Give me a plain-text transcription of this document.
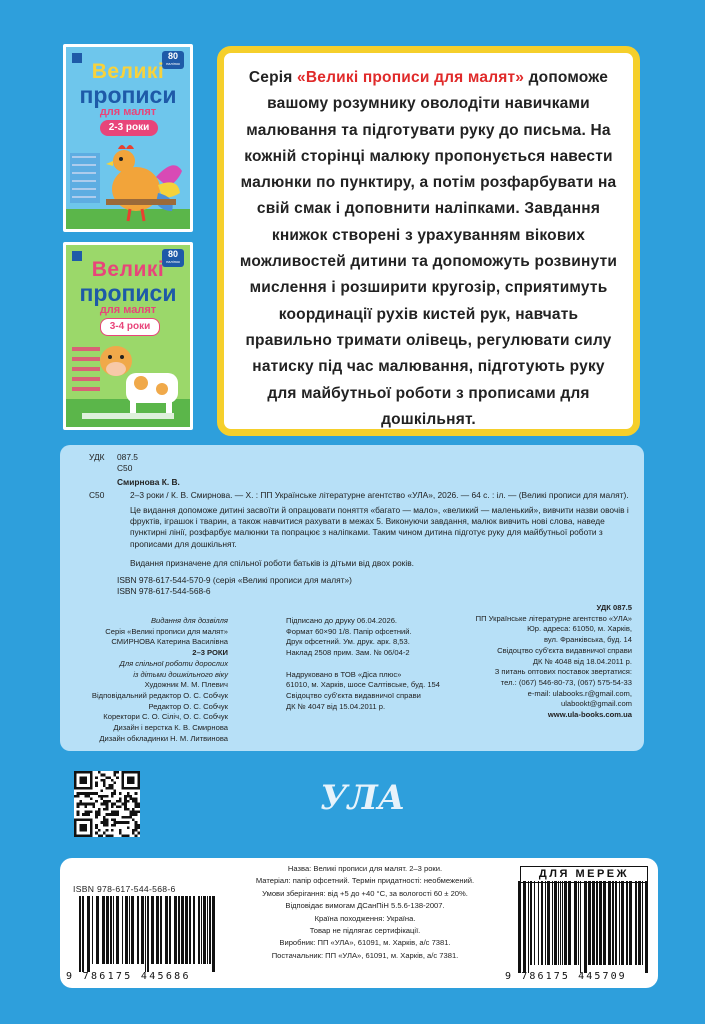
80
наліпок
Великі
прописи
для малят
2-3 роки
80
наліпок
Великі
прописи
для малят
3-4 роки
Серія «Великі прописи для малят» допоможе вашому розумнику оволодіти навичками малювання та підготувати руку до письма. На кожній сторінці малюку пропонується навести малюнки по пунктиру, а потім розфарбувати на свій смак і доповнити наліпками. Завдання книжок створені з урахуванням вікових можливостей дитини та допоможуть розвинути мислення і розширити кругозір, сприятимуть координації рухів кистей рук, навчать правильно тримати олівець, регулювати силу натиску під час малювання, підготують руку для майбутньої роботи з прописами для дошкільнят.
УДК 087.5
С50
Смирнова К. В.
С50	2–3 роки / К. В. Смирнова. — Х. : ПП Українське літературне агентство «УЛА», 2026. — 64 с. : іл. — (Великі прописи для малят).
Це видання допоможе дитині засвоїти й опрацювати поняття «багато — мало», «великий — маленький», вивчити назви овочів і фруктів, іграшок і тварин, а також навчитися рахувати в межах 5. Виконуючи завдання, малюк вивчить нові слова, наведе пунктирні лінії, розфарбує малюнки та попрацює з наліпками. Таким чином дитина підготує руку для майбутньої роботи з прописами для дошкільнят.
Видання призначене для спільної роботи батьків із дітьми від двох років.
ISBN 978-617-544-570-9 (серія «Великі прописи для малят»)
ISBN 978-617-544-568-6
Видання для дозвілля
Серія «Великі прописи для малят»
СМИРНОВА Катерина Василівна
2–3 РОКИ
Для спільної роботи дорослих
із дітьми дошкільного віку
Художник М. М. Плевич
Відповідальний редактор О. С. Собчук
Редактор О. С. Собчук
Коректори С. О. Сіліч, О. С. Собчук
Дизайн і верстка К. В. Смирнова
Дизайн обкладинки Н. М. Литвинова
Підписано до друку 06.04.2026.
Формат 60×90 1/8. Папір офсетний.
Друк офсетний. Ум. друк. арк. 8,53.
Наклад 2508 прим. Зам. № 06/04-2

Надруковано в ТОВ «Діса плюс»
61010, м. Харків, шосе Салтівське, буд. 154
Свідоцтво суб'єкта видавничої справи
ДК № 4047 від 15.04.2011 р.
УДК 087.5
ПП Українське літературне агентство «УЛА»
Юр. адреса: 61050, м. Харків,
вул. Франківська, буд. 14
Свідоцтво суб'єкта видавничої справи
ДК № 4048 від 18.04.2011 р.
З питань оптових поставок звертатися:
тел.: (067) 546-80-73, (067) 575-54-33
e-mail: ulabooks.r@gmail.com,
ulabookt@gmail.com
www.ula-books.com.ua
УЛА
ISBN 978-617-544-568-6
9 786175 445686
ДЛЯ МЕРЕЖ
Назва: Великі прописи для малят. 2–3 роки.
Матеріал: папір офсетний. Термін придатності: необмежений.
Умови зберігання: від +5 до +40 °С, за вологості 60 ± 20%.
Відповідає вимогам ДСанПіН 5.5.6-138-2007.
Країна походження: Україна.
Товар не підлягає сертифікації.
Виробник: ПП «УЛА», 61091, м. Харків, а/с 7381.
Постачальник: ПП «УЛА», 61091, м. Харків, а/с 7381.
9 786175 445709
